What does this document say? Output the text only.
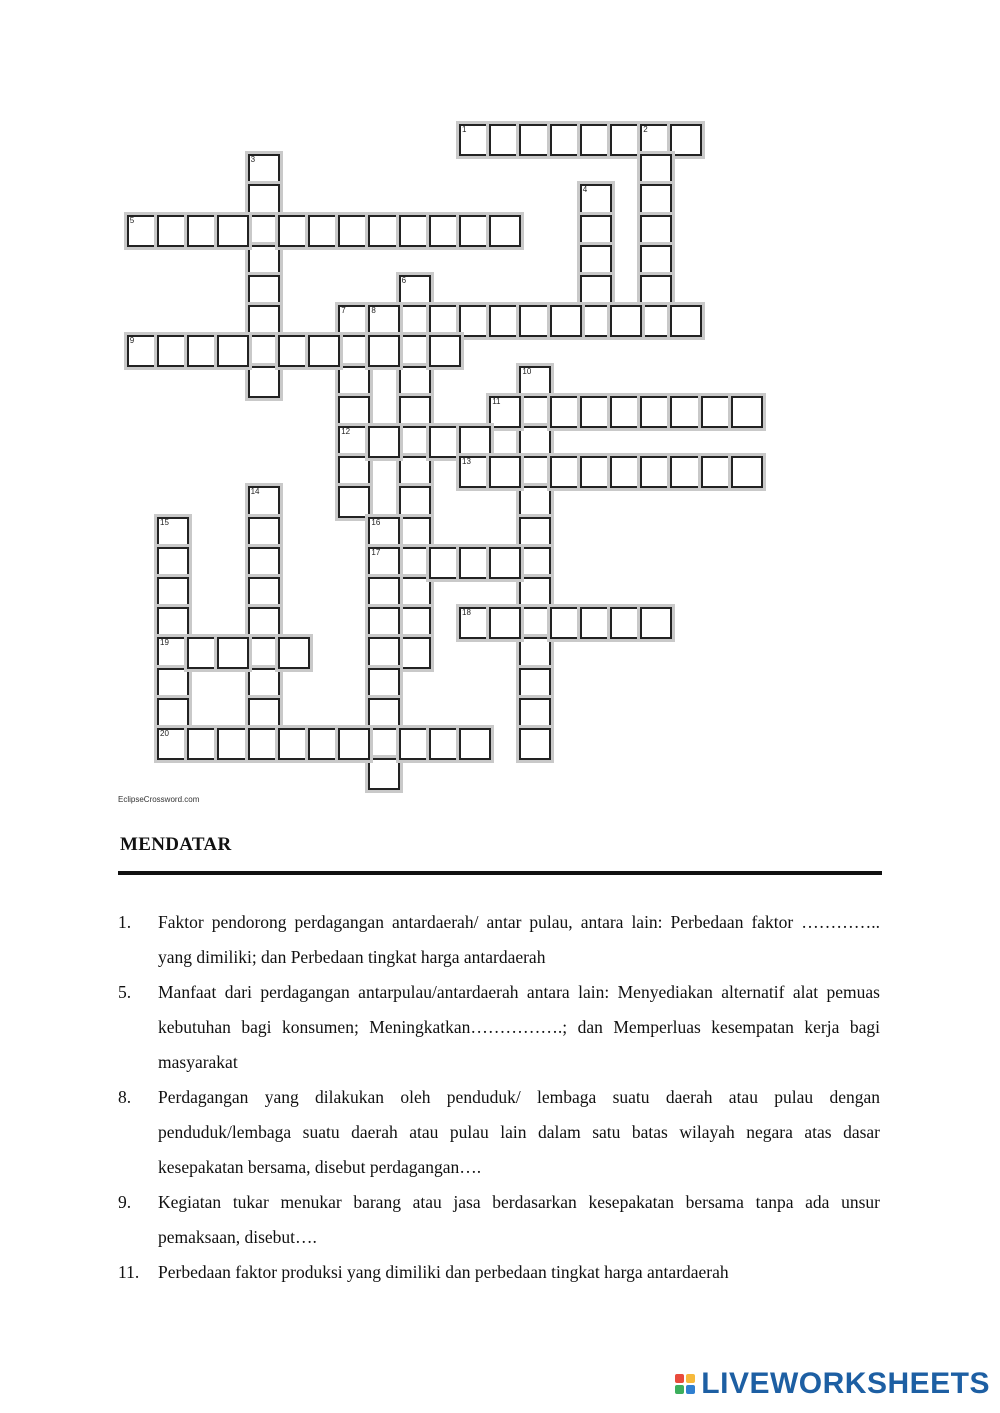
1	2
3
4
5
6
7
12
8
9
10
11
13
14
15
19
20
16
17
18
EclipseCrossword.com
MENDATAR
1.	Faktor pendorong perdagangan antardaerah/ antar pulau, antara lain: Perbedaan faktor ………….. yang dimiliki; dan Perbedaan tingkat harga antardaerah
5.	Manfaat dari perdagangan antarpulau/antardaerah antara lain: Menyediakan alternatif alat pemuas kebutuhan bagi konsumen; Meningkatkan…………….; dan Memperluas kesempatan kerja bagi masyarakat
8.	Perdagangan yang dilakukan oleh penduduk/ lembaga suatu daerah atau pulau dengan penduduk/lembaga suatu daerah atau pulau lain dalam satu batas wilayah negara atas dasar kesepakatan bersama, disebut perdagangan….
9.	Kegiatan tukar menukar barang atau jasa berdasarkan kesepakatan bersama tanpa ada unsur pemaksaan, disebut….
11.	Perbedaan faktor produksi yang dimiliki dan perbedaan tingkat harga antardaerah
LIVEWORKSHEETS
